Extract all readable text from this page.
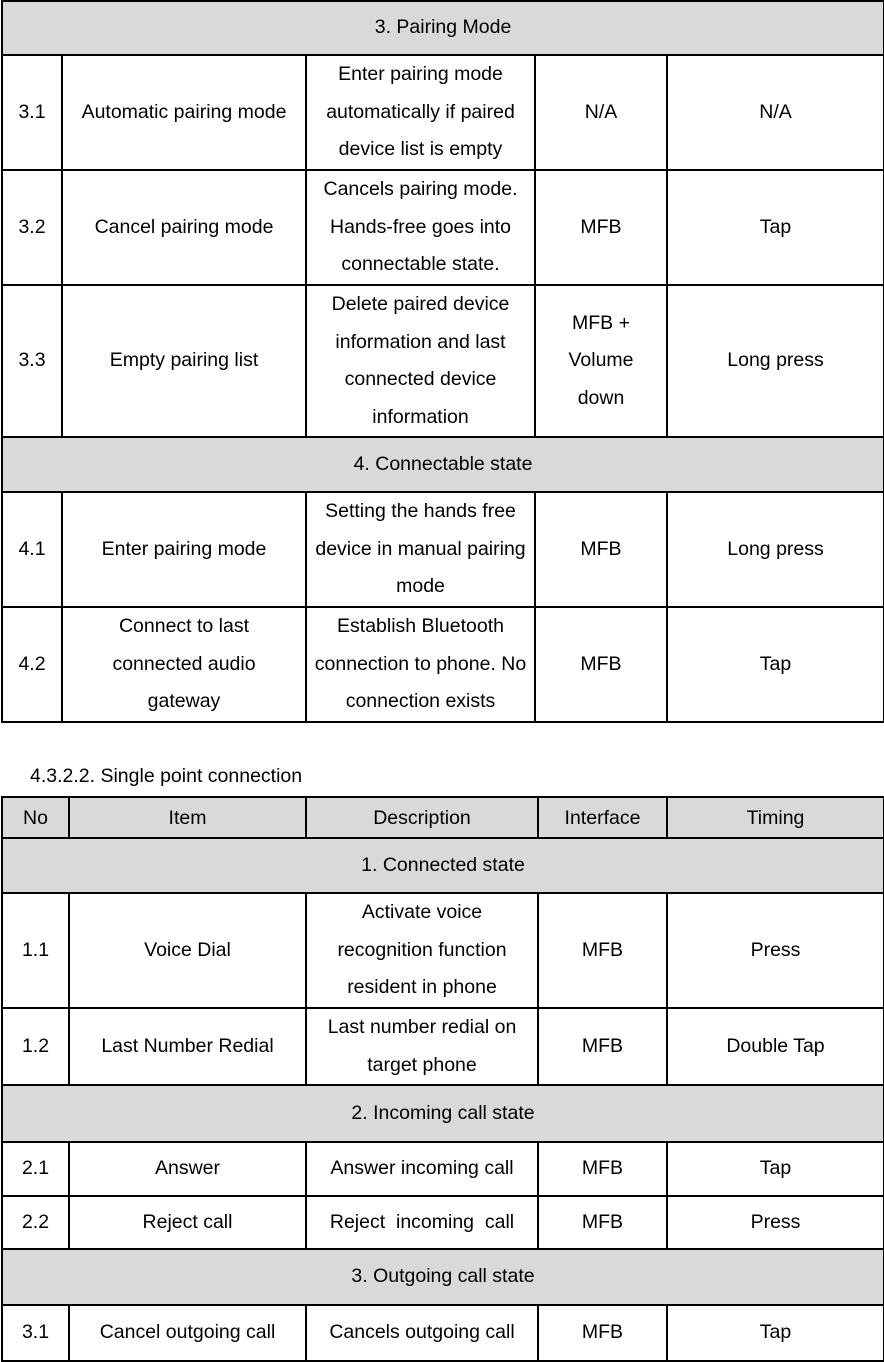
3. Pairing Mode				
3.1	Automatic pairing mode	Enter pairing mode automatically if paired device list is empty	N/A	N/A
3.2	Cancel pairing mode	Cancels pairing mode. Hands-free goes into connectable state.	MFB	Tap
3.3	Empty pairing list	Delete paired device information and last connected device information	MFB + Volume down	Long press
4. Connectable state				
4.1	Enter pairing mode	Setting the hands free device in manual pairing mode	MFB	Long press
4.2	Connect to last connected audio gateway	Establish Bluetooth connection to phone. No connection exists	MFB	Tap
4.3.2.2. Single point connection
No	Item	Description	Interface	Timing
1. Connected state				
1.1	Voice Dial	Activate voice recognition function resident in phone	MFB	Press
1.2	Last Number Redial	Last number redial on target phone	MFB	Double Tap
2. Incoming call state				
2.1	Answer	Answer incoming call	MFB	Tap
2.2	Reject call	Reject  incoming  call	MFB	Press
3. Outgoing call state				
3.1	Cancel outgoing call	Cancels outgoing call	MFB	Tap
